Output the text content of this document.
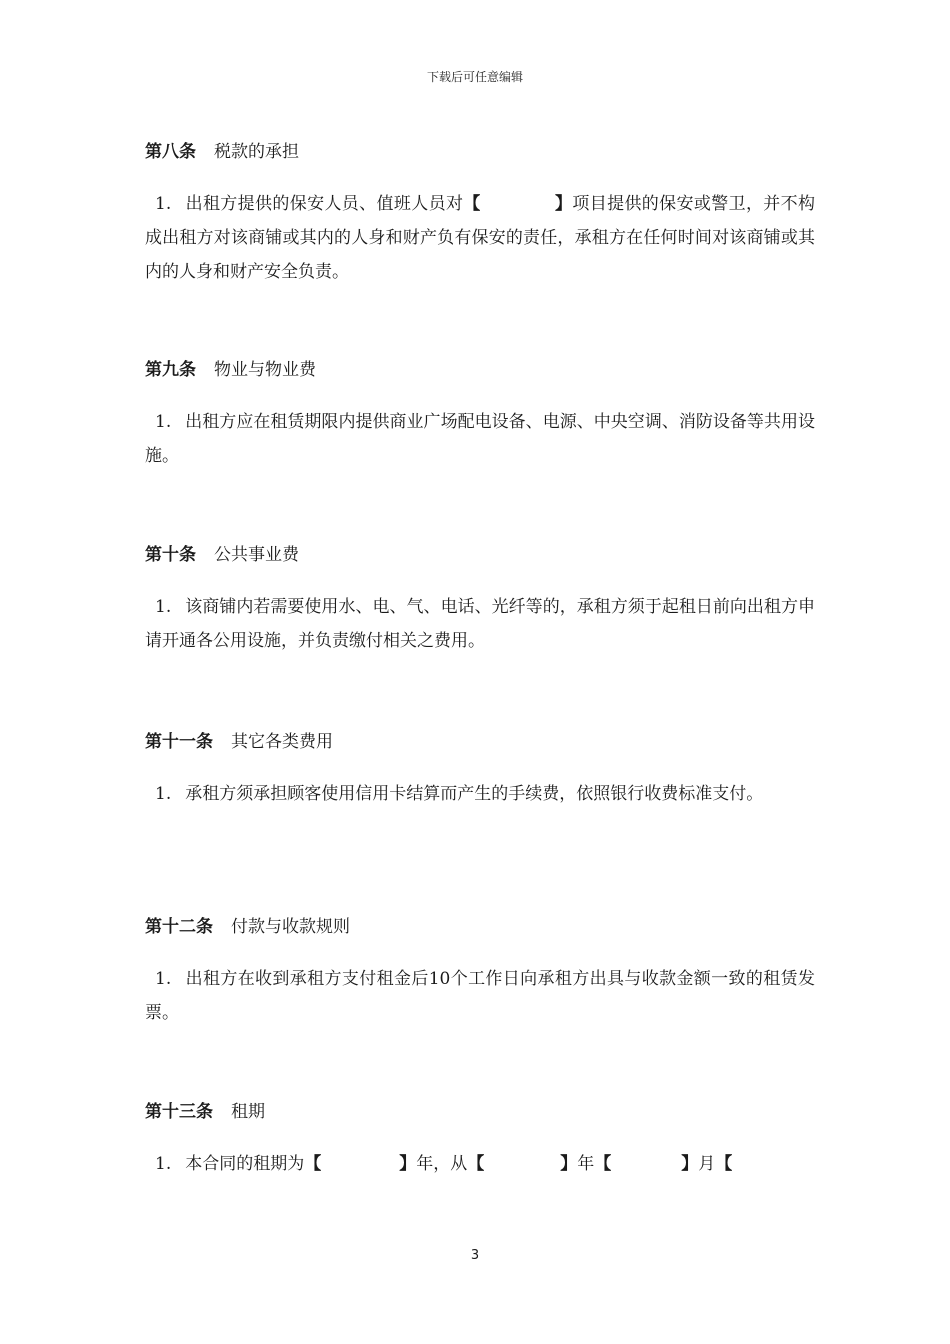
下载后可任意编辑
第八条 税款的承担
1. 出租方提供的保安人员、值班人员对【	】项目提供的保安或警卫，并不构成出租方对该商铺或其内的人身和财产负有保安的责任，承租方在任何时间对该商铺或其内的人身和财产安全负责。
第九条 物业与物业费
1. 出租方应在租赁期限内提供商业广场配电设备、电源、中央空调、消防设备等共用设施。
第十条 公共事业费
1. 该商铺内若需要使用水、电、气、电话、光纤等的，承租方须于起租日前向出租方申请开通各公用设施，并负责缴付相关之费用。
第十一条 其它各类费用
1. 承租方须承担顾客使用信用卡结算而产生的手续费，依照银行收费标准支付。
第十二条 付款与收款规则
1. 出租方在收到承租方支付租金后10个工作日向承租方出具与收款金额一致的租赁发票。
第十三条 租期
1. 本合同的租期为【	】年，从【	】年【	】月【
3
